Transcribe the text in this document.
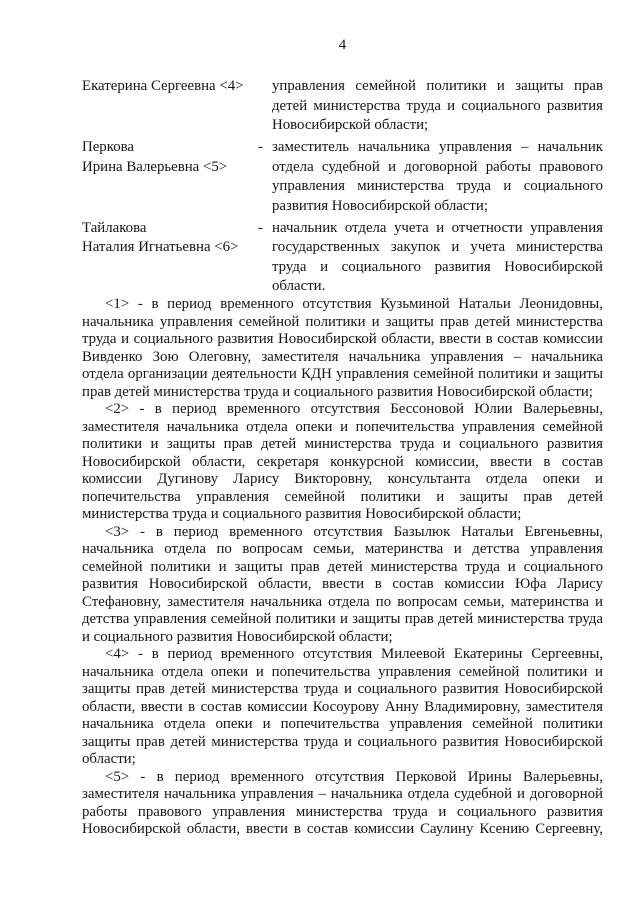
4
Екатерина Сергеевна <4>	управления семейной политики и защиты прав детей министерства труда и социального развития Новосибирской области;
Перкова
Ирина Валерьевна <5>
- заместитель начальника управления – начальник отдела судебной и договорной работы правового управления министерства труда и социального развития Новосибирской области;
Тайлакова
Наталия Игнатьевна <6>
- начальник отдела учета и отчетности управления государственных закупок и учета министерства труда и социального развития Новосибирской области.

<1> - в период временного отсутствия Кузьминой Натальи Леонидовны, начальника управления семейной политики и защиты прав детей министерства труда и социального развития Новосибирской области, ввести в состав комиссии Вивденко Зою Олеговну, заместителя начальника управления – начальника отдела организации деятельности КДН управления семейной политики и защиты прав детей министерства труда и социального развития Новосибирской области;

<2> - в период временного отсутствия Бессоновой Юлии Валерьевны, заместителя начальника отдела опеки и попечительства управления семейной политики и защиты прав детей министерства труда и социального развития Новосибирской области, секретаря конкурсной комиссии, ввести в состав комиссии Дугинову Ларису Викторовну, консультанта отдела опеки и попечительства управления семейной политики и защиты прав детей министерства труда и социального развития Новосибирской области;

<3> - в период временного отсутствия Базылюк Натальи Евгеньевны, начальника отдела по вопросам семьи, материнства и детства управления семейной политики и защиты прав детей министерства труда и социального развития Новосибирской области, ввести в состав комиссии Юфа Ларису Стефановну, заместителя начальника отдела по вопросам семьи, материнства и детства управления семейной политики и защиты прав детей министерства труда и социального развития Новосибирской области;

<4> - в период временного отсутствия Милеевой Екатерины Сергеевны, начальника отдела опеки и попечительства управления семейной политики и защиты прав детей министерства труда и социального развития Новосибирской области, ввести в состав комиссии Косоурову Анну Владимировну, заместителя начальника отдела опеки и попечительства управления семейной политики защиты прав детей министерства труда и социального развития Новосибирской области;

<5> - в период временного отсутствия Перковой Ирины Валерьевны, заместителя начальника управления – начальника отдела судебной и договорной работы правового управления министерства труда и социального развития Новосибирской области, ввести в состав комиссии Саулину Ксению Сергеевну,
